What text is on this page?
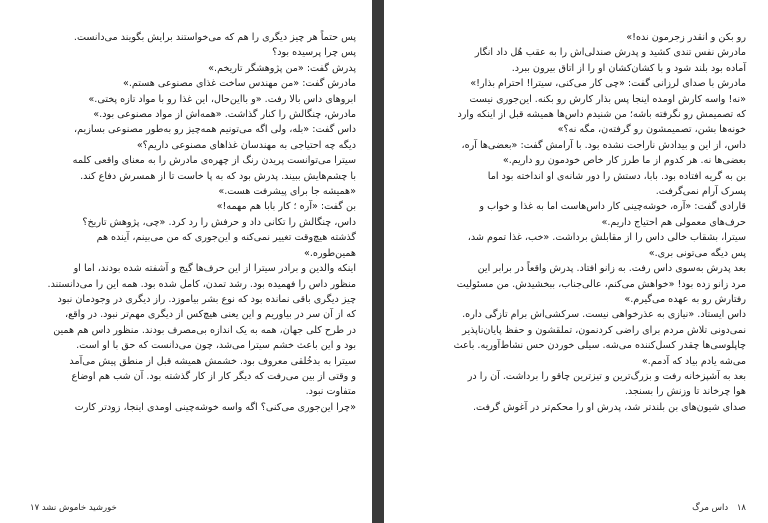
پس حتماً هر چیز دیگری را هم که می‌خواستند برایش بگویند می‌دانست.
پس چرا پرسیده بود؟
پدرش گفت: «من پژوهشگر تاریخم.»
مادرش گفت: «من مهندس ساخت غذای مصنوعی هستم.»
ابروهای داس بالا رفت. «و بااین‌حال، این غذا رو با مواد تازه پختی.»
مادرش، چنگالش را کنار گذاشت. «همه‌اش از مواد مصنوعی بود.»
داس گفت: «بله، ولی اگه می‌تونیم همه‌چیز رو به‌طور مصنوعی بسازیم،
دیگه چه احتیاجی به مهندسان غذاهای مصنوعی داریم؟»
سیترا می‌توانست پریدن رنگ از چهره‌ی مادرش را به معنای واقعی کلمه
با چشم‌هایش ببیند. پدرش بود که به پا خاست تا از همسرش دفاع کند.
«همیشه جا برای پیشرفت هست.»
بن گفت: «آره ؛ کار بابا هم مهمه!»
داس، چنگالش را تکانی داد و حرفش را رد کرد. «چی، پژوهش تاریخ؟
گذشته هیچ‌وقت تغییر نمی‌کنه و این‌جوری که من می‌بینم، آینده هم
همین‌طوره.»
اینکه والدین و برادر سیترا از این حرف‌ها گیج و آشفته شده بودند، اما او
منظور داس را فهمیده بود. رشد تمدن، کامل شده بود. همه این را می‌دانستند.
چیز دیگری باقی نمانده بود که نوع بشر بیاموزد. راز دیگری در وجودمان نبود
که از آن سر در بیاوریم و این یعنی هیچ‌کس از دیگری مهم‌تر نبود. در واقع،
در طرح کلی جهان، همه به یک اندازه بی‌مصرف بودند. منظور داس هم همین
بود و این باعث خشم سیترا می‌شد، چون می‌دانست که حق با او است.
سیترا به بدخُلقی معروف بود. خشمش همیشه قبل از منطق پیش می‌آمد
و وقتی از بین می‌رفت که دیگر کار از کار گذشته بود. آن شب هم اوضاع
متفاوت نبود.
«چرا این‌جوری می‌کنی؟ اگه واسه خوشه‌چینی اومدی اینجا، زودتر کارت
خورشید خاموش نشد ۱۷
رو بکن و انقدر زجرمون نده!»
مادرش نفس تندی کشید و پدرش صندلی‌اش را به عقب هُل داد انگار
آماده بود بلند شود و با کشان‌کشان او را از اتاق بیرون ببرد.
مادرش با صدای لرزانی گفت: «چی کار می‌کنی، سیترا! احترام بذار!»
«نه! واسه کارش اومده اینجا پس بذار کارش رو بکنه. این‌جوری نیست
که تصمیمش رو نگرفته باشه؛ من شنیدم داس‌ها همیشه قبل از اینکه وارد
خونه‌ها بشن، تصمیمشون رو گرفته‌ن، مگه نه؟»
داس، از این و بیدادش ناراحت نشده بود. با آرامش گفت: «بعضی‌ها آره،
بعضی‌ها نه. هر کدوم از ما طرز کار خاص خودمون رو داریم.»
بن به گریه افتاده بود. بابا، دستش را دور شانه‌ی او انداخته بود اما
پسرک آرام نمی‌گرفت.
قارادی گفت: «آره، خوشه‌چینی کار داس‌هاست اما به غذا و خواب و
حرف‌های معمولی هم احتیاج داریم.»
سیترا، بشقاب خالی داس را از مقابلش برداشت. «خب، غذا تموم شد،
پس دیگه می‌تونی بری.»
بعد پدرش به‌سوی داس رفت. به زانو افتاد. پدرش واقعاً در برابر این
مرد زانو زده بود! «خواهش می‌کنم، عالی‌جناب، ببخشیدش. من مسئولیت
رفتارش رو به عهده می‌گیرم.»
داس ایستاد. «نیازی به عذرخواهی نیست. سرکشی‌اش برام تازگی داره.
نمی‌دونی تلاش مردم برای راضی کردنمون، تملقشون و حفظ پایان‌ناپذیر
چاپلوسی‌ها چقدر کسل‌کننده می‌شه. سیلی خوردن حس نشاط‌آوریه. باعث
می‌شه یادم بیاد که آدمم.»
بعد به آشپزخانه رفت و بزرگ‌ترین و تیزترین چاقو را برداشت. آن را در
هوا چرخاند تا وزنش را بسنجد.
صدای شیون‌های بن بلندتر شد، پدرش او را محکم‌تر در آغوش گرفت.
۱۸ داس مرگ
